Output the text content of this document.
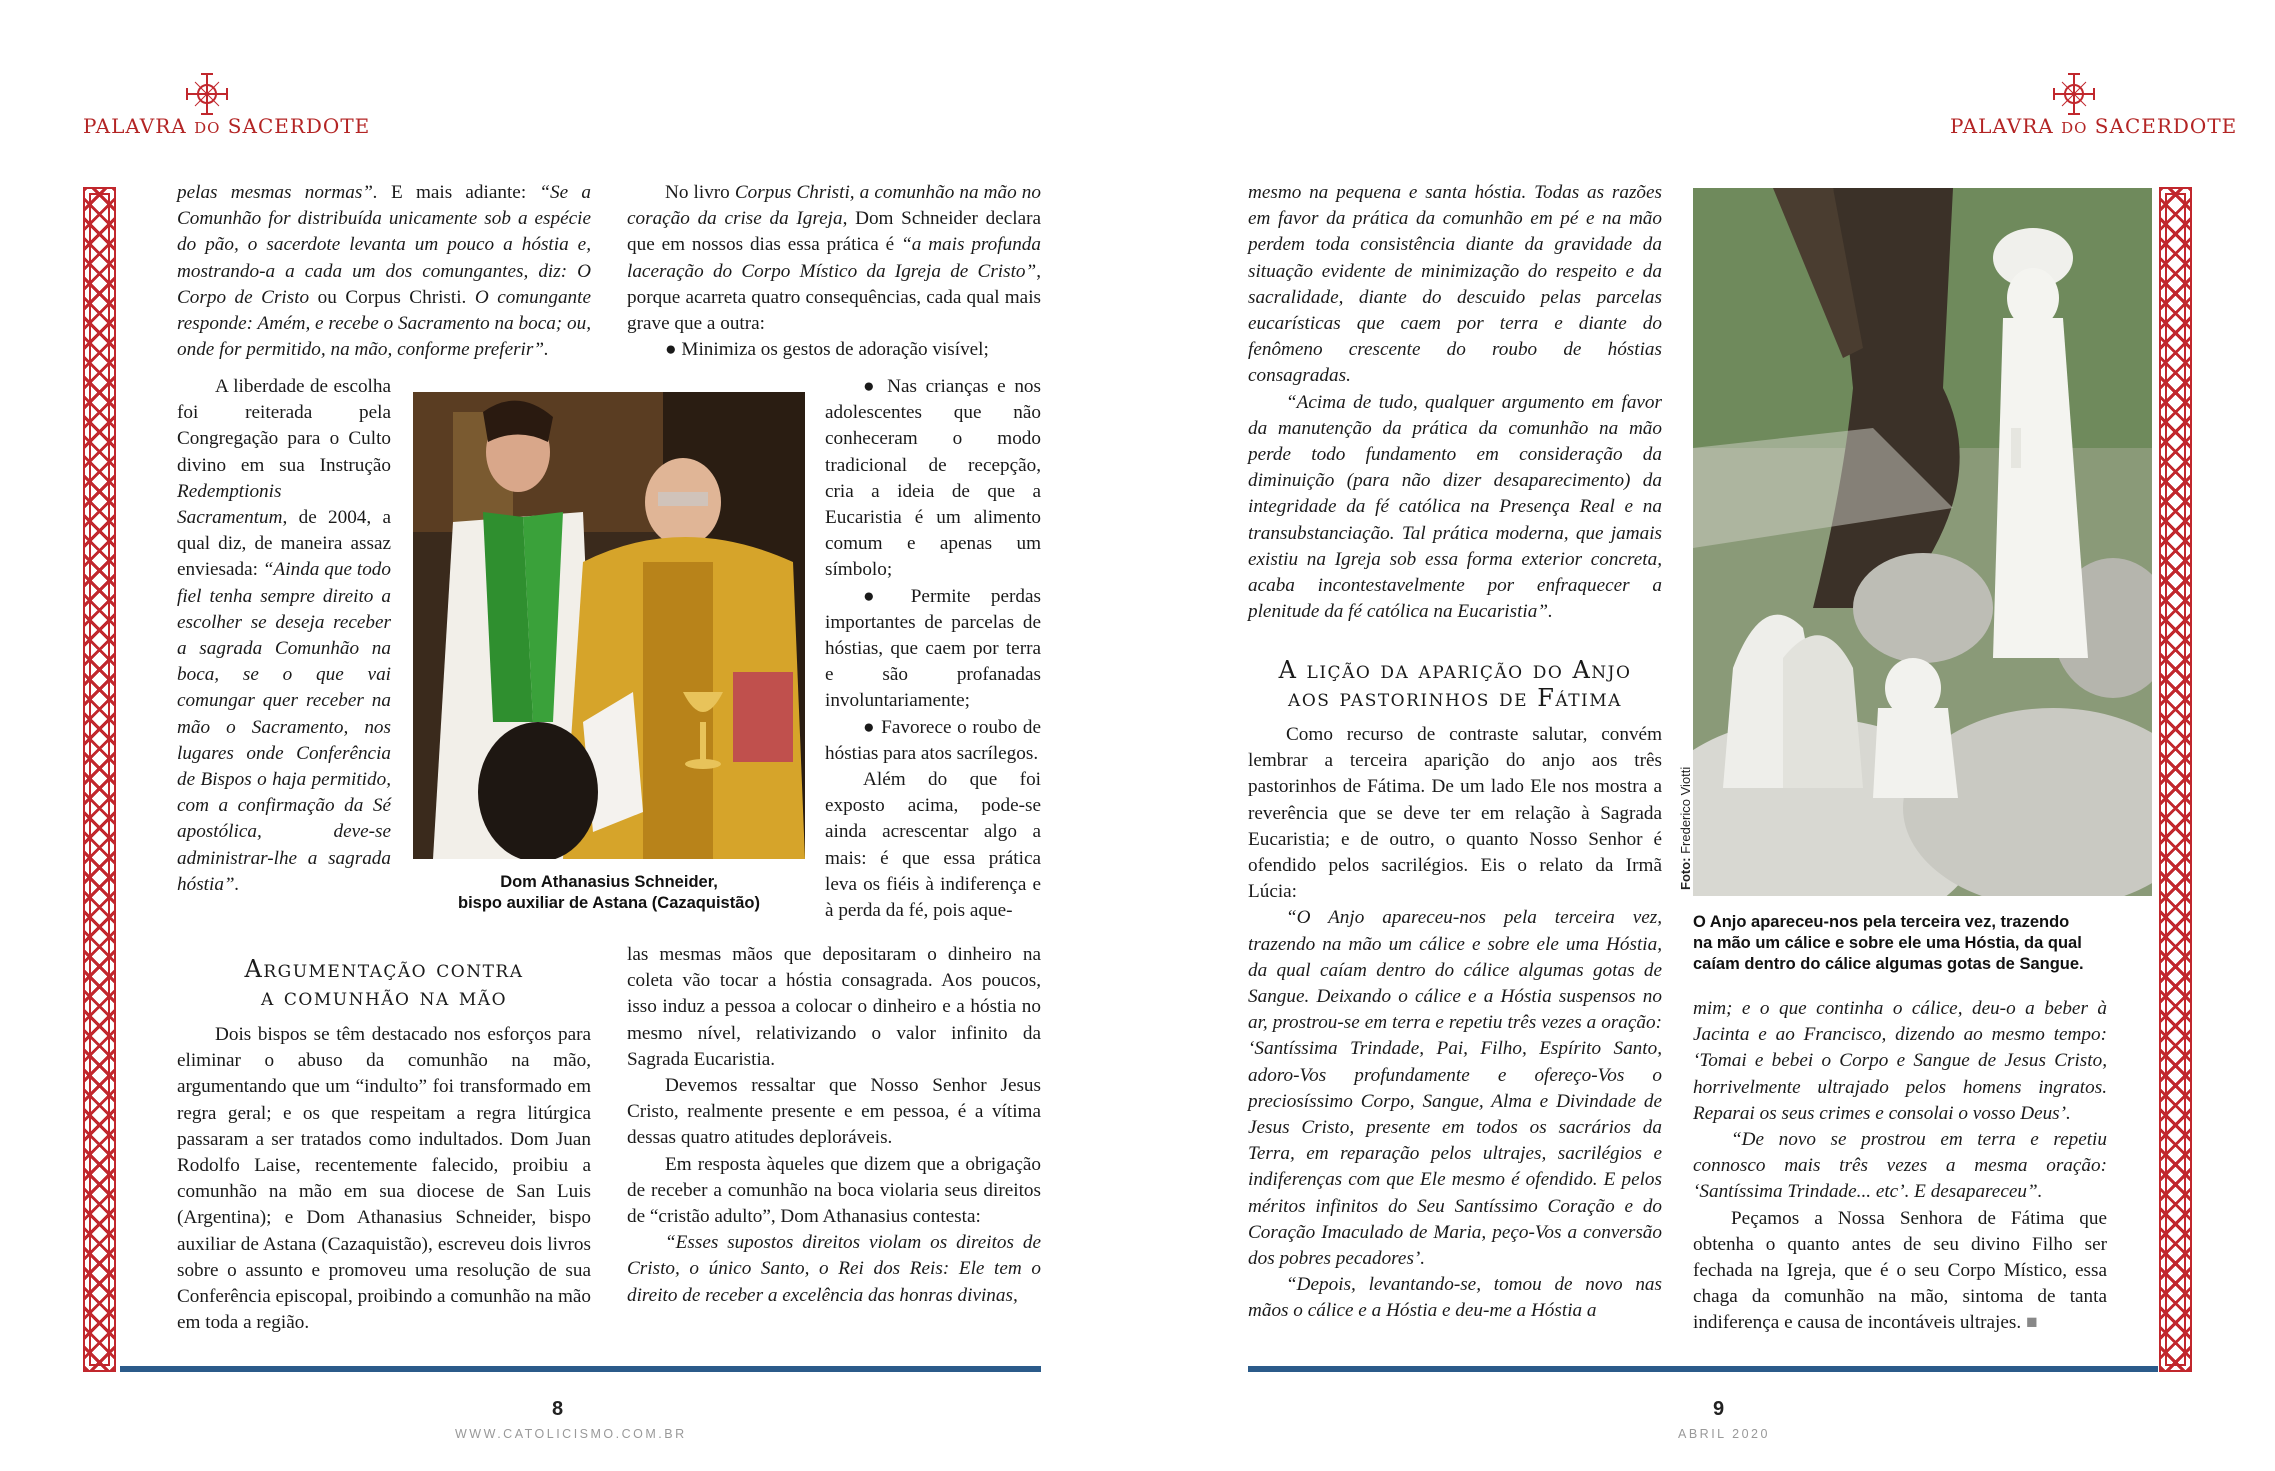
PALAVRA DO SACERDOTE

pelas mesmas normas”. E mais adiante: “Se a Comunhão for distribuída unicamente sob a espécie do pão, o sacerdote levanta um pouco a hóstia e, mostrando-a a cada um dos comungantes, diz: O Corpo de Cristo ou Corpus Christi. O comungante responde: Amém, e recebe o Sacramento na boca; ou, onde for permitido, na mão, conforme preferir”.

A liberdade de escolha foi reiterada pela Congregação para o Culto divino em sua Instrução Redemptionis Sacramentum, de 2004, a qual diz, de maneira assaz enviesada: “Ainda que todo fiel tenha sempre direito a escolher se deseja receber a sagrada Comunhão na boca, se o que vai comungar quer receber na mão o Sacramento, nos lugares onde Conferência de Bispos o haja permitido, com a confirmação da Sé apostólica, deve-se administrar-lhe a sagrada hóstia”.	Dom Athanasius Schneider,
bispo auxiliar de Astana (Cazaquistão)
Argumentação contra
a comunhão na mão

Dois bispos se têm destacado nos esforços para eliminar o abuso da comunhão na mão, argumentando que um “indulto” foi transformado em regra geral; e os que respeitam a regra litúrgica passaram a ser tratados como indultados. Dom Juan Rodolfo Laise, recentemente falecido, proibiu a comunhão na mão em sua diocese de San Luis (Argentina); e Dom Athanasius Schneider, bispo auxiliar de Astana (Cazaquistão), escreveu dois livros sobre o assunto e promoveu uma resolução de sua Conferência episcopal, proibindo a comunhão na mão em toda a região.

No livro Corpus Christi, a comunhão na mão no coração da crise da Igreja, Dom Schneider declara que em nossos dias essa prática é “a mais profunda laceração do Corpo Místico da Igreja de Cristo”, porque acarreta quatro consequências, cada qual mais grave que a outra:

● Minimiza os gestos de adoração visível;

● Nas crianças e nos adolescentes que não conheceram o modo tradicional de recepção, cria a ideia de que a Eucaristia é um alimento comum e apenas um símbolo;

● Permite perdas importantes de parcelas de hóstias, que caem por terra e são profanadas involuntariamente;

● Favorece o roubo de hóstias para atos sacrílegos.

Além do que foi exposto acima, pode-se ainda acrescentar algo a mais: é que essa prática leva os fiéis à indiferença e à perda da fé, pois aque-

las mesmas mãos que depositaram o dinheiro na coleta vão tocar a hóstia consagrada. Aos poucos, isso induz a pessoa a colocar o dinheiro e a hóstia no mesmo nível, relativizando o valor infinito da Sagrada Eucaristia.

Devemos ressaltar que Nosso Senhor Jesus Cristo, realmente presente e em pessoa, é a vítima dessas quatro atitudes deploráveis.

Em resposta àqueles que dizem que a obrigação de receber a comunhão na boca violaria seus direitos de “cristão adulto”, Dom Athanasius contesta:

“Esses supostos direitos violam os direitos de Cristo, o único Santo, o Rei dos Reis: Ele tem o direito de receber a excelência das honras divinas,

8
WWW.CATOLICISMO.COM.BR
PALAVRA DO SACERDOTE

mesmo na pequena e santa hóstia. Todas as razões em favor da prática da comunhão em pé e na mão perdem toda consistência diante da gravidade da situação evidente de minimização do respeito e da sacralidade, diante do descuido pelas parcelas eucarísticas que caem por terra e diante do fenômeno crescente do roubo de hóstias consagradas.

“Acima de tudo, qualquer argumento em favor da manutenção da prática da comunhão na mão perde todo fundamento em consideração da diminuição (para não dizer desaparecimento) da integridade da fé católica na Presença Real e na transubstanciação. Tal prática moderna, que jamais existiu na Igreja sob essa forma exterior concreta, acaba incontestavelmente por enfraquecer a plenitude da fé católica na Eucaristia”.

A lição da aparição do Anjo
aos pastorinhos de Fátima

Como recurso de contraste salutar, convém lembrar a terceira aparição do anjo aos três pastorinhos de Fátima. De um lado Ele nos mostra a reverência que se deve ter em relação à Sagrada Eucaristia; e de outro, o quanto Nosso Senhor é ofendido pelos sacrilégios. Eis o relato da Irmã Lúcia:

“O Anjo apareceu-nos pela terceira vez, trazendo na mão um cálice e sobre ele uma Hóstia, da qual caíam dentro do cálice algumas gotas de Sangue. Deixando o cálice e a Hóstia suspensos no ar, prostrou-se em terra e repetiu três vezes a oração: ‘Santíssima Trindade, Pai, Filho, Espírito Santo, adoro-Vos profundamente e ofereço-Vos o preciosíssimo Corpo, Sangue, Alma e Divindade de Jesus Cristo, presente em todos os sacrários da Terra, em reparação pelos ultrajes, sacrilégios e indiferenças com que Ele mesmo é ofendido. E pelos méritos infinitos do Seu Santíssimo Coração e do Coração Imaculado de Maria, peço-Vos a conversão dos pobres pecadores’.

“Depois, levantando-se, tomou de novo nas mãos o cálice e a Hóstia e deu-me a Hóstia a

Foto: Frederico Viotti
O Anjo apareceu-nos pela terceira vez, trazendo
na mão um cálice e sobre ele uma Hóstia, da qual
caíam dentro do cálice algumas gotas de Sangue.

mim; e o que continha o cálice, deu-o a beber à Jacinta e ao Francisco, dizendo ao mesmo tempo: ‘Tomai e bebei o Corpo e Sangue de Jesus Cristo, horrivelmente ultrajado pelos homens ingratos. Reparai os seus crimes e consolai o vosso Deus’.

“De novo se prostrou em terra e repetiu connosco mais três vezes a mesma oração: ‘Santíssima Trindade... etc’. E desapareceu”.

Peçamos a Nossa Senhora de Fátima que obtenha o quanto antes de seu divino Filho ser fechada na Igreja, que é o seu Corpo Místico, essa chaga da comunhão na mão, sintoma de tanta indiferença e causa de incontáveis ultrajes. ■

9
ABRIL 2020
